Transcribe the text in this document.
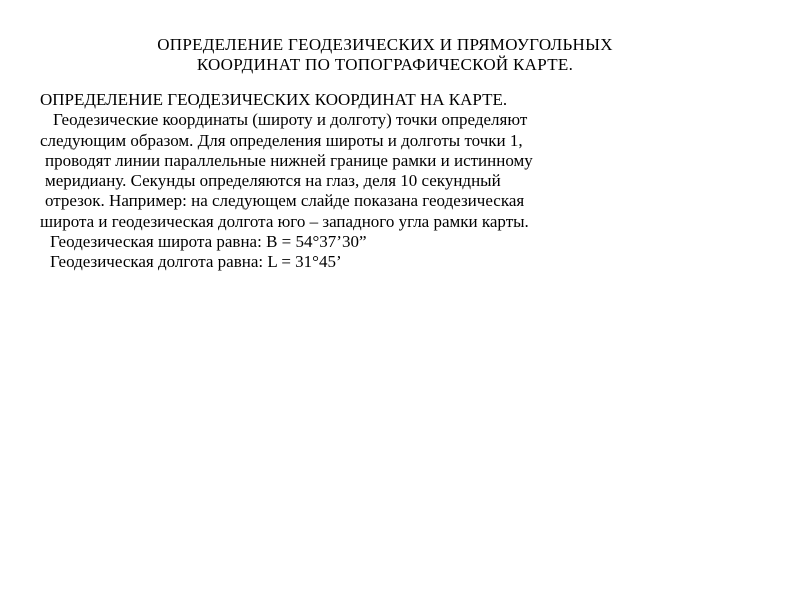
ОПРЕДЕЛЕНИЕ ГЕОДЕЗИЧЕСКИХ И ПРЯМОУГОЛЬНЫХ
КООРДИНАТ ПО ТОПОГРАФИЧЕСКОЙ КАРТЕ.
ОПРЕДЕЛЕНИЕ ГЕОДЕЗИЧЕСКИХ КООРДИНАТ НА КАРТЕ.
Геодезические координаты (широту и долготу) точки определяют
следующим образом. Для определения широты и долготы точки 1,
проводят линии параллельные нижней границе рамки и истинному
меридиану. Секунды определяются на глаз, деля 10 секундный
отрезок. Например: на следующем слайде показана геодезическая
широта и геодезическая долгота юго – западного угла рамки карты.
Геодезическая широта равна: В = 54°37’30”
Геодезическая долгота равна: L = 31°45’
